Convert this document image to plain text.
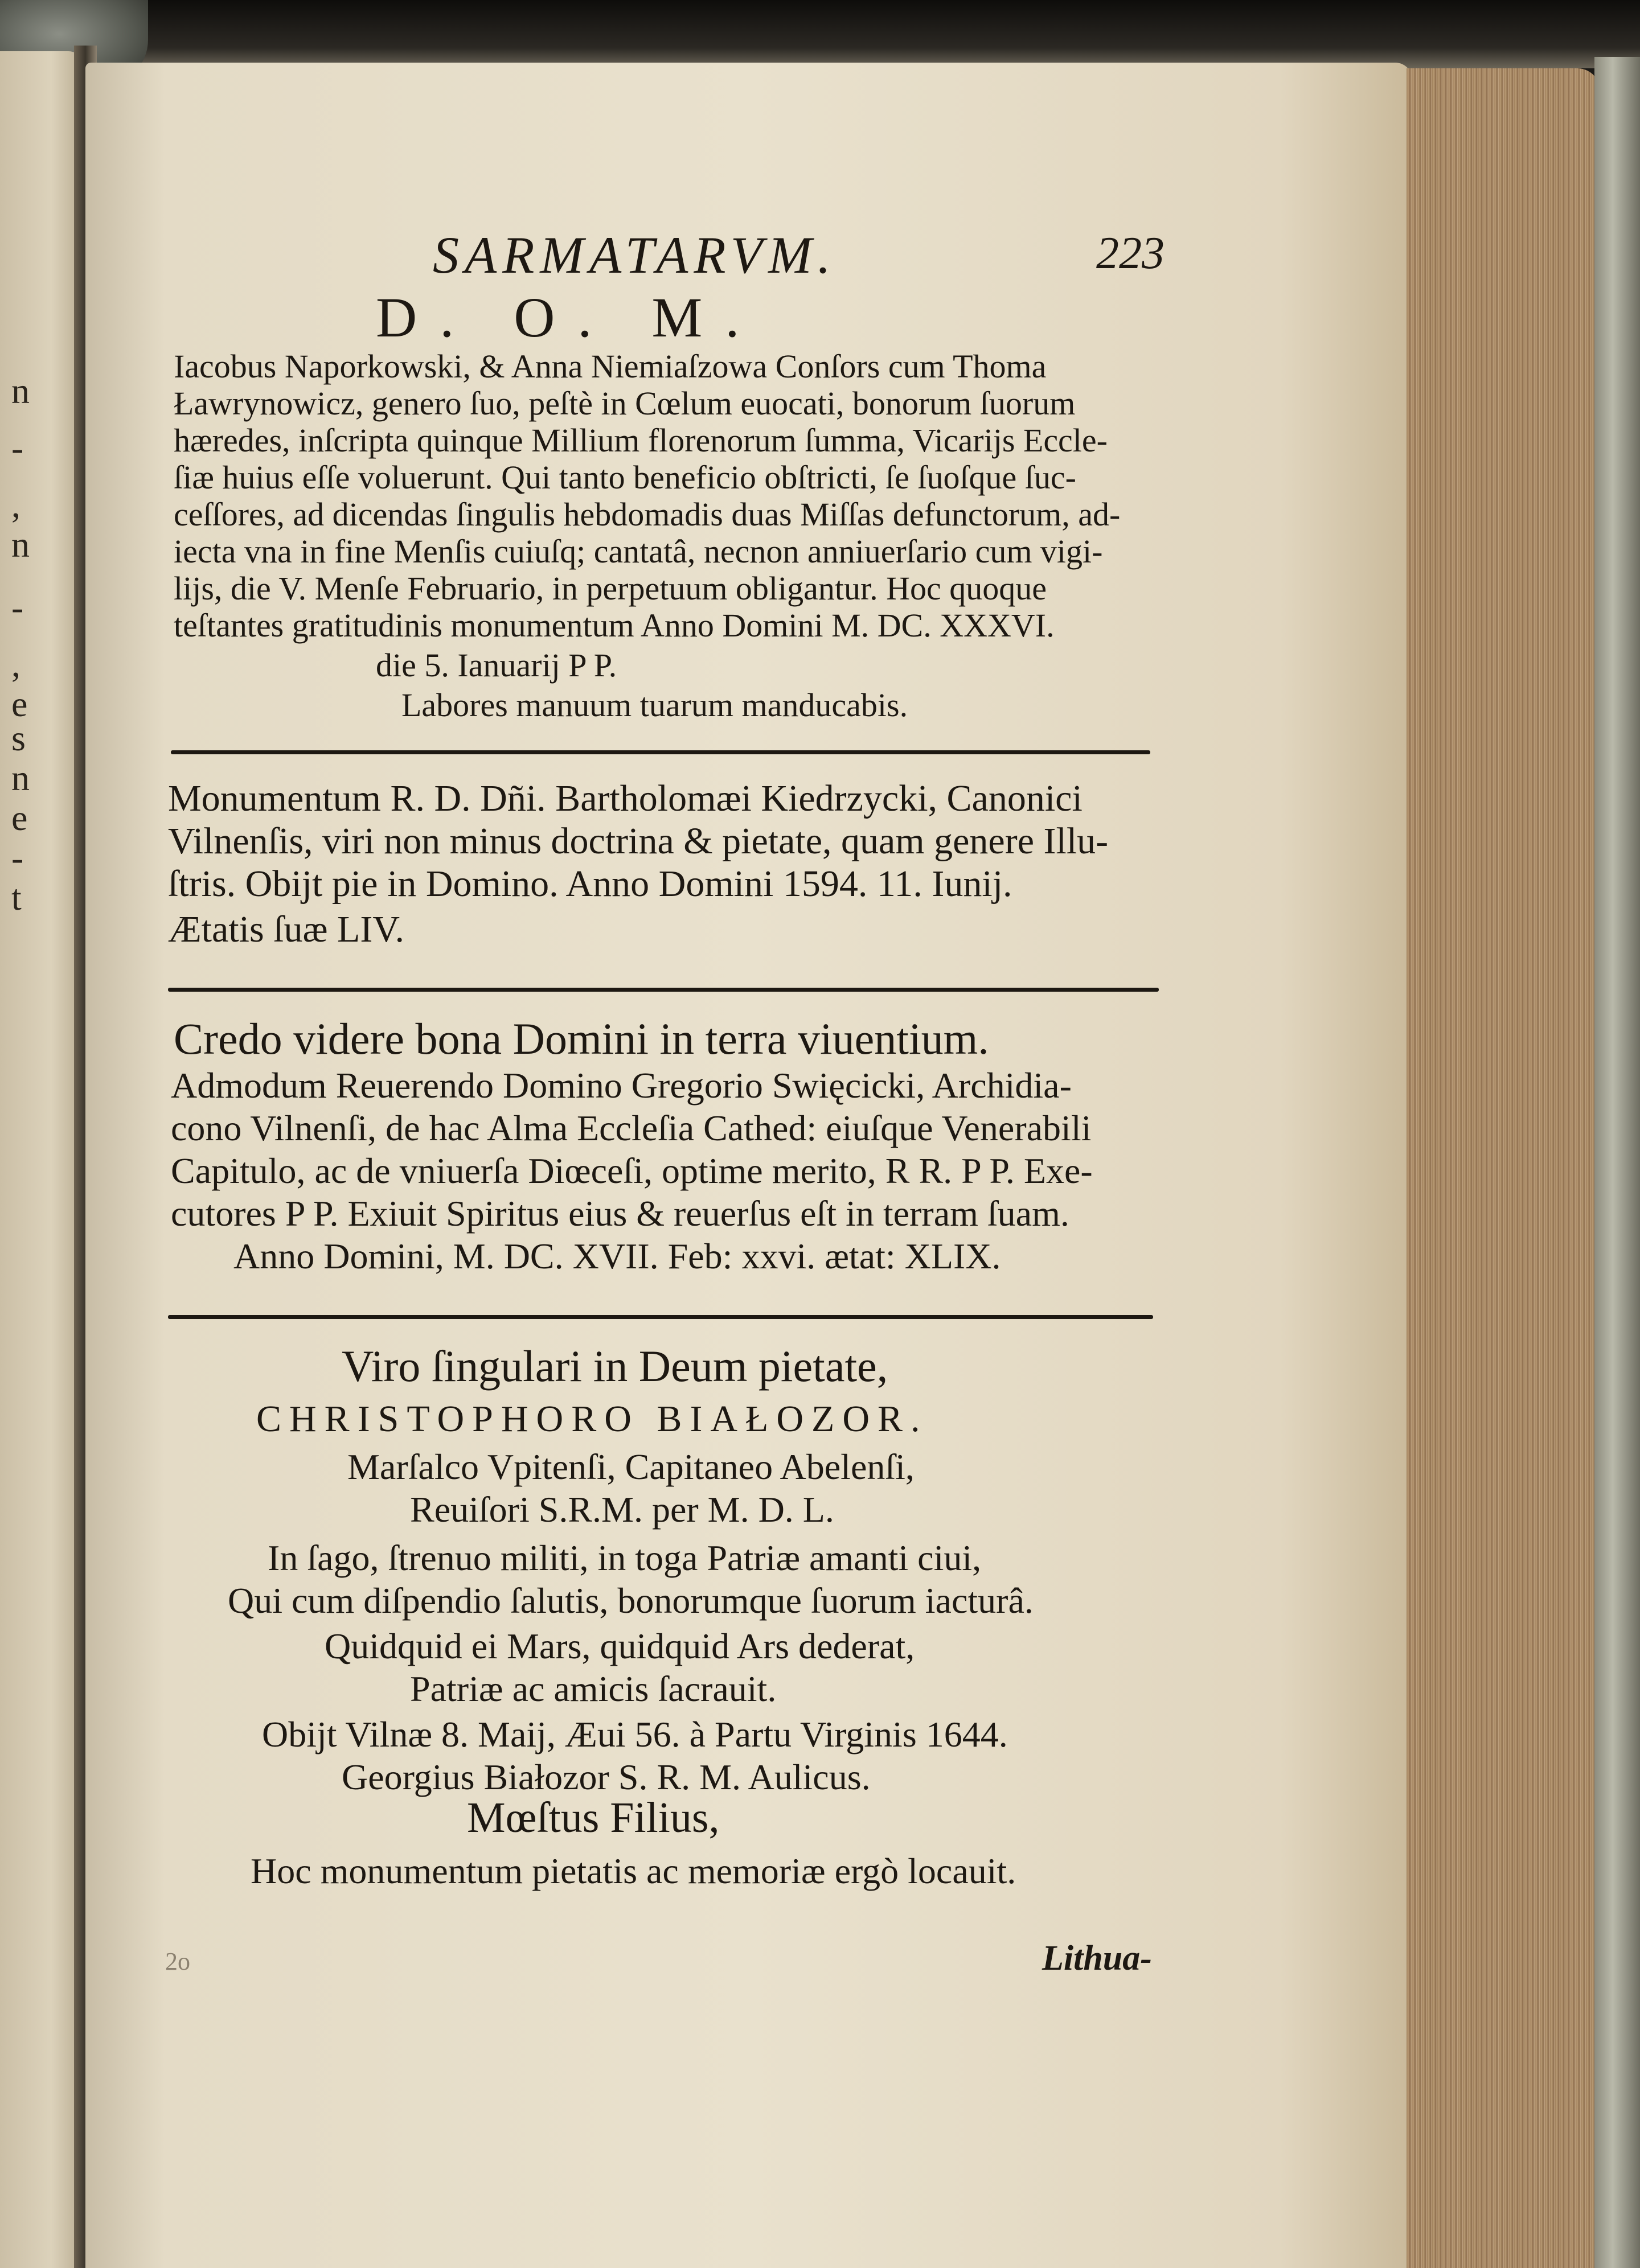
n
-
,
n
-
,
e
s
n
e
-
t
SARMATARVM.	223
D. O. M.
Iacobus Naporkowski, & Anna Niemiaſzowa Conſors cum Thoma
Ławrynowicz, genero ſuo, peſtè in Cœlum euocati, bonorum ſuorum
hæredes, inſcripta quinque Millium florenorum ſumma, Vicarijs Eccle-
ſiæ huius eſſe voluerunt. Qui tanto beneficio obſtricti, ſe ſuoſque ſuc-
ceſſores, ad dicendas ſingulis hebdomadis duas Miſſas defunctorum, ad-
iecta vna in fine Menſis cuiuſq; cantatâ, necnon anniuerſario cum vigi-
lijs, die V. Menſe Februario, in perpetuum obligantur. Hoc quoque
teſtantes gratitudinis monumentum Anno Domini M. DC. XXXVI.
die 5. Ianuarij P P.
Labores manuum tuarum manducabis.
Monumentum R. D. Dñi. Bartholomæi Kiedrzycki, Canonici
Vilnenſis, viri non minus doctrina & pietate, quam genere Illu-
ſtris. Obijt pie in Domino. Anno Domini 1594. 11. Iunij.
Ætatis ſuæ LIV.
Credo videre bona Domini in terra viuentium.
Admodum Reuerendo Domino Gregorio Swięcicki, Archidia-
cono Vilnenſi, de hac Alma Eccleſia Cathed: eiuſque Venerabili
Capitulo, ac de vniuerſa Diœceſi, optime merito, R R. P P. Exe-
cutores P P. Exiuit Spiritus eius & reuerſus eſt in terram ſuam.
Anno Domini, M. DC. XVII. Feb: xxvi. ætat: XLIX.
Viro ſingulari in Deum pietate,
CHRISTOPHORO BIAŁOZOR.
Marſalco Vpitenſi, Capitaneo Abelenſi,
Reuiſori S.R.M. per M. D. L.
In ſago, ſtrenuo militi, in toga Patriæ amanti ciui,
Qui cum diſpendio ſalutis, bonorumque ſuorum iacturâ.
Quidquid ei Mars, quidquid Ars dederat,
Patriæ ac amicis ſacrauit.
Obijt Vilnæ 8. Maij, Æui 56. à Partu Virginis 1644.
Georgius Białozor S. R. M. Aulicus.
Mœſtus Filius,
Hoc monumentum pietatis ac memoriæ ergò locauit.
2o	Lithua-
